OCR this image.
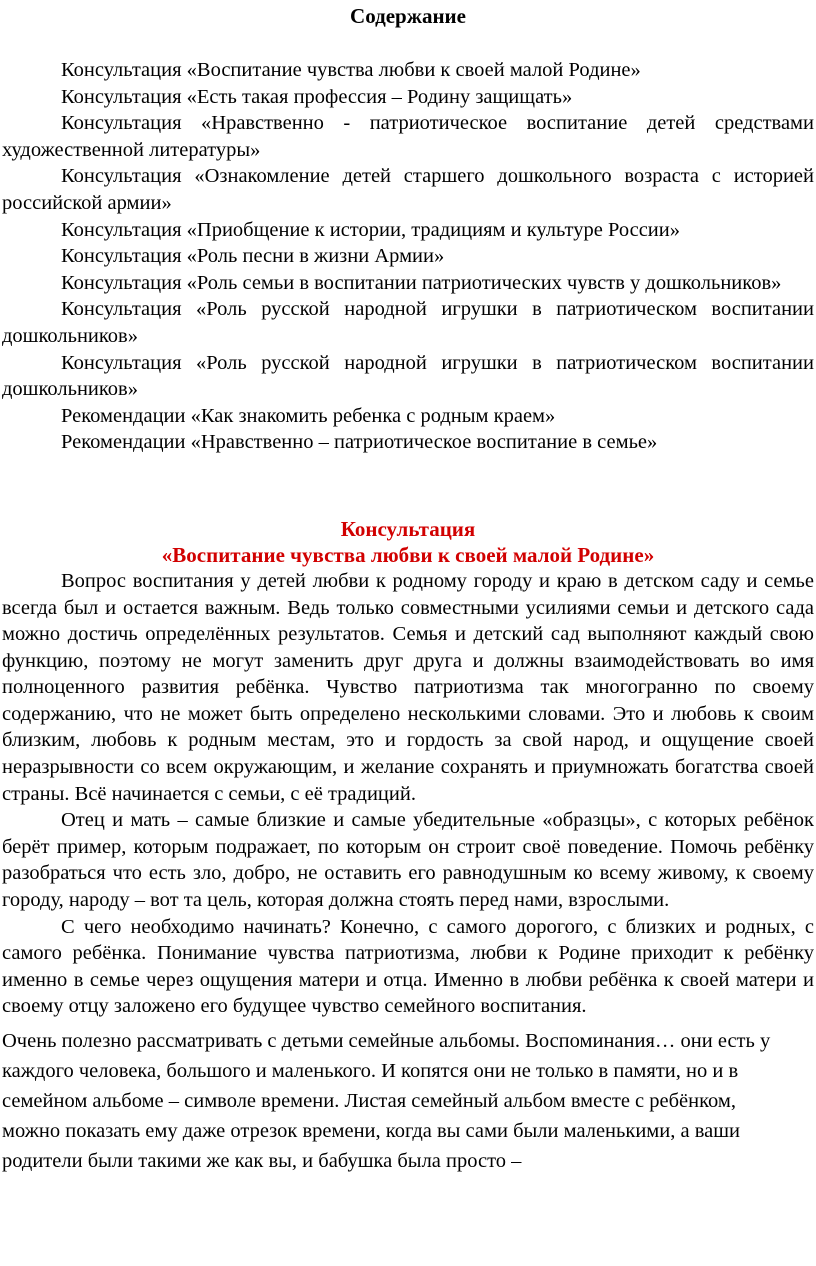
Содержание
Консультация «Воспитание чувства любви к своей малой Родине»
Консультация «Есть такая профессия – Родину защищать»
Консультация «Нравственно - патриотическое воспитание детей средствами художественной литературы»
Консультация «Ознакомление детей старшего дошкольного возраста с историей российской армии»
Консультация «Приобщение к истории, традициям и культуре России»
Консультация «Роль песни в жизни Армии»
Консультация «Роль семьи в воспитании патриотических чувств у дошкольников»
Консультация «Роль русской народной игрушки в патриотическом воспитании дошкольников»
Консультация «Роль русской народной игрушки в патриотическом воспитании дошкольников»
Рекомендации «Как знакомить ребенка с родным краем»
Рекомендации «Нравственно – патриотическое воспитание в семье»
Консультация
«Воспитание чувства любви к своей малой Родине»
Вопрос воспитания у детей любви к родному городу и краю в детском саду и семье всегда был и остается важным. Ведь только совместными усилиями семьи и детского сада можно достичь определённых результатов. Семья и детский сад выполняют каждый свою функцию, поэтому не могут заменить друг друга и должны взаимодействовать во имя полноценного развития ребёнка. Чувство патриотизма так многогранно по своему содержанию, что не может быть определено несколькими словами. Это и любовь к своим близким, любовь к родным местам, это и гордость за свой народ, и ощущение своей неразрывности со всем окружающим, и желание сохранять и приумножать богатства своей страны. Всё начинается с семьи, с её традиций.
Отец и мать – самые близкие и самые убедительные «образцы», с которых ребёнок берёт пример, которым подражает, по которым он строит своё поведение. Помочь ребёнку разобраться что есть зло, добро, не оставить его равнодушным ко всему живому, к своему городу, народу – вот та цель, которая должна стоять перед нами, взрослыми.
С чего необходимо начинать? Конечно, с самого дорогого, с близких и родных, с самого ребёнка. Понимание чувства патриотизма, любви к Родине приходит к ребёнку именно в семье через ощущения матери и отца. Именно в любви ребёнка к своей матери и своему отцу заложено его будущее чувство семейного воспитания.
Очень полезно рассматривать с детьми семейные альбомы. Воспоминания… они есть у каждого человека, большого и маленького. И копятся они не только в памяти, но и в семейном альбоме – символе времени. Листая семейный альбом вместе с ребёнком, можно показать ему даже отрезок времени, когда вы сами были маленькими, а ваши родители были такими же как вы, и бабушка была просто –
